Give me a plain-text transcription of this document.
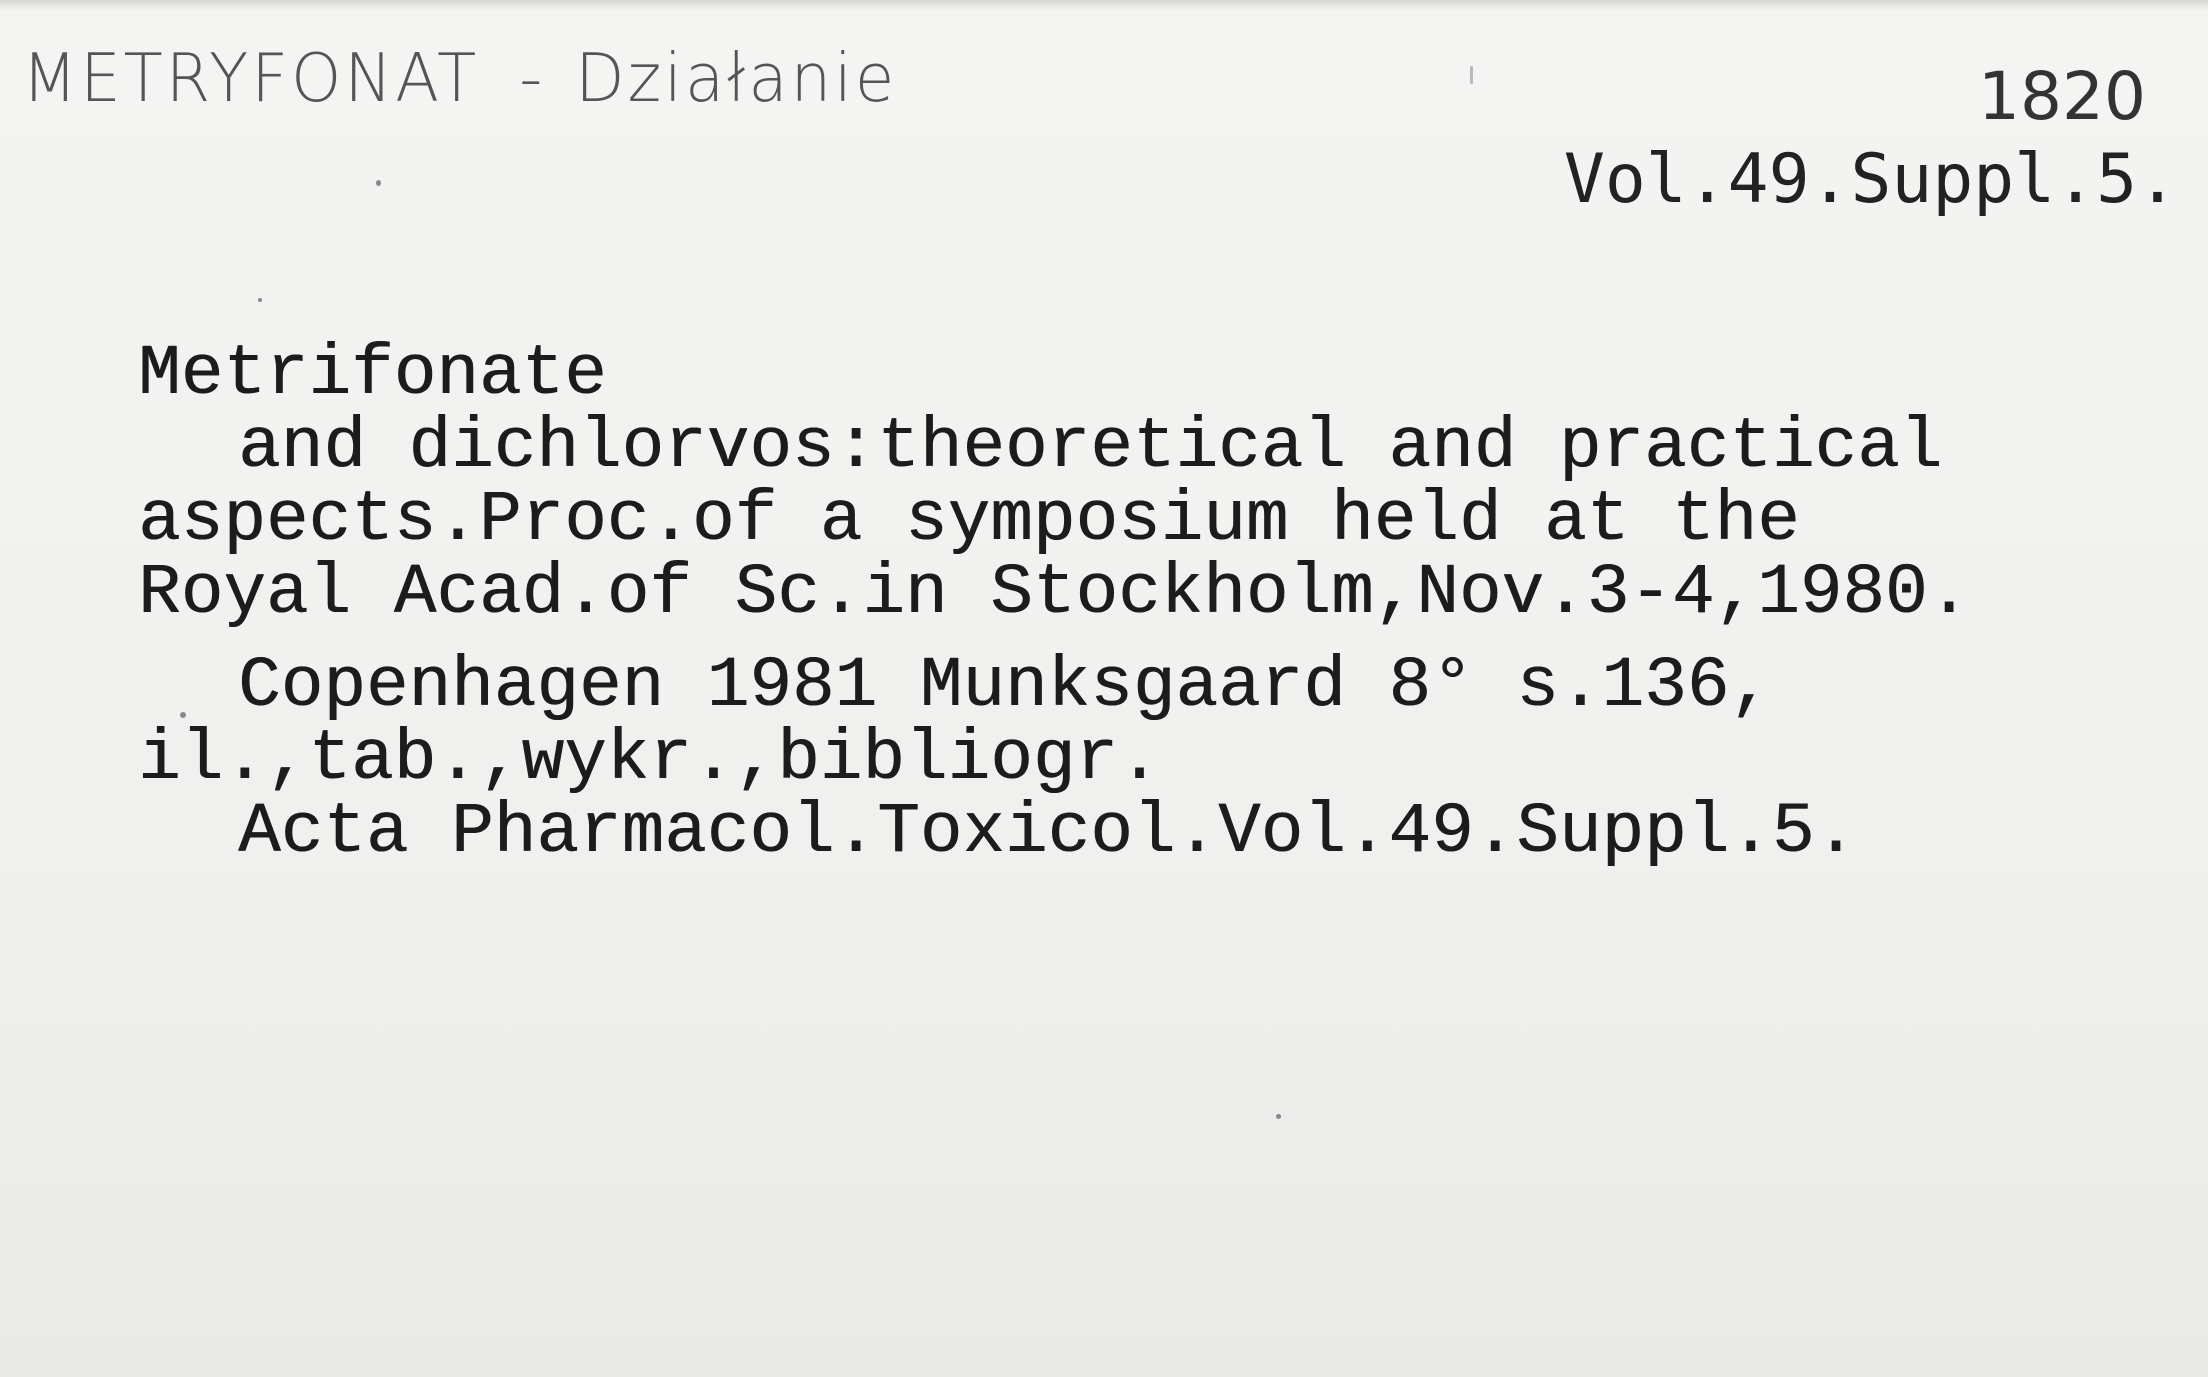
METRYFONAT - Działanie	1820
Vol.49.Suppl.5.
Metrifonate
and dichlorvos:theoretical and practical
aspects.Proc.of a symposium held at the
Royal Acad.of Sc.in Stockholm,Nov.3-4,1980.
Copenhagen 1981 Munksgaard 8° s.136,
il.,tab.,wykr.,bibliogr.
Acta Pharmacol.Toxicol.Vol.49.Suppl.5.
